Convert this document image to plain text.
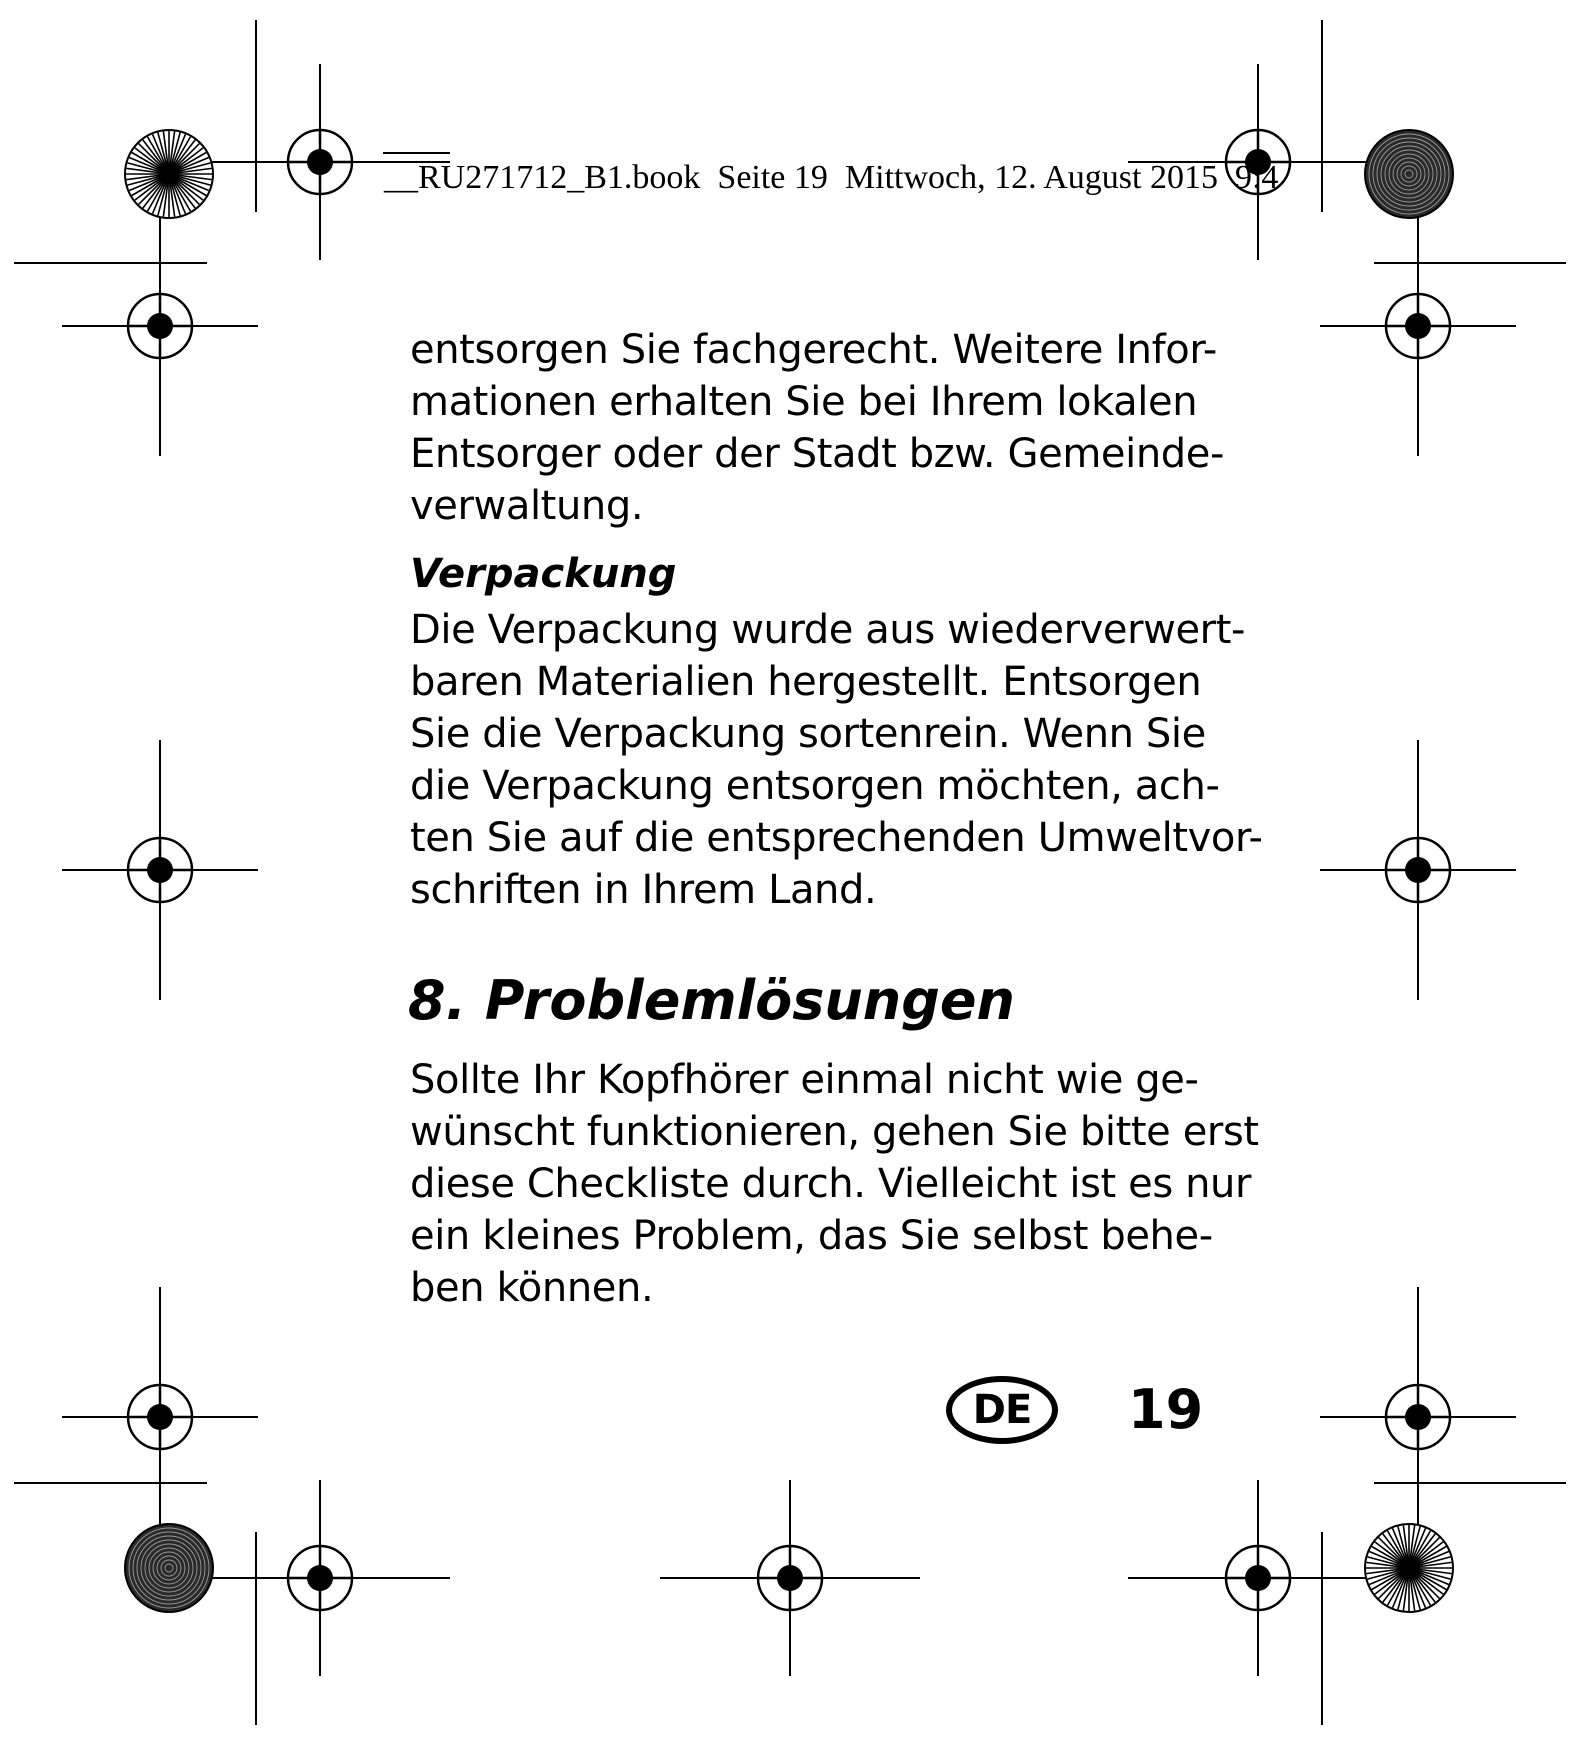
__RU271712_B1.book  Seite 19  Mittwoch, 12. August 2015  9:4
entsorgen Sie fachgerecht. Weitere Infor-
mationen erhalten Sie bei Ihrem lokalen
Entsorger oder der Stadt bzw. Gemeinde-
verwaltung.
Verpackung
Die Verpackung wurde aus wiederverwert-
baren Materialien hergestellt. Entsorgen
Sie die Verpackung sortenrein. Wenn Sie
die Verpackung entsorgen möchten, ach-
ten Sie auf die entsprechenden Umweltvor-
schriften in Ihrem Land.
8. Problemlösungen
Sollte Ihr Kopfhörer einmal nicht wie ge-
wünscht funktionieren, gehen Sie bitte erst
diese Checkliste durch. Vielleicht ist es nur
ein kleines Problem, das Sie selbst behe-
ben können.
DE	19
